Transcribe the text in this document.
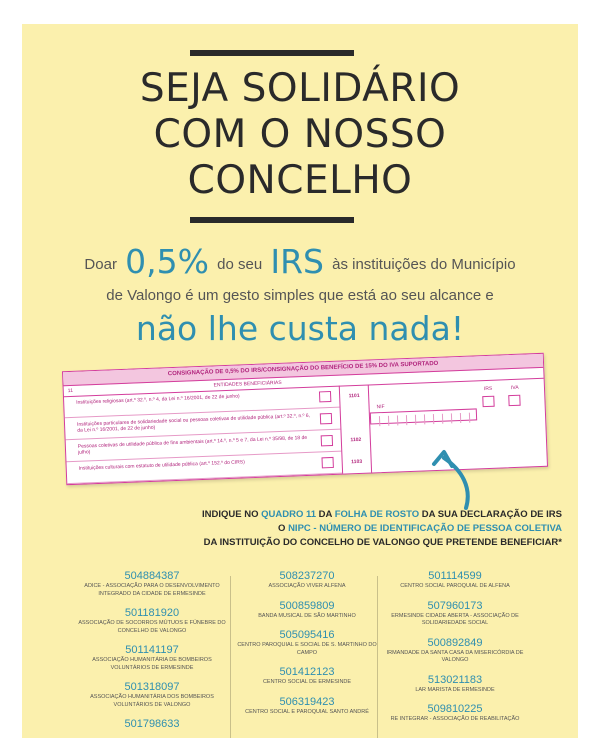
SEJA SOLIDÁRIO
COM O NOSSO
CONCELHO
Doar 0,5% do seu IRS às instituições do Município
de Valongo é um gesto simples que está ao seu alcance e
não lhe custa nada!
CONSIGNAÇÃO DE 0,5% DO IRS/CONSIGNAÇÃO DO BENEFÍCIO DE 15% DO IVA SUPORTADO
11
ENTIDADES BENEFICIÁRIAS
Instituições religiosas (art.º 32.º, n.º 4, da Lei n.º 16/2001, de 22 de junho)
Instituições particulares de solidariedade social ou pessoas coletivas de utilidade pública (art.º 32.º, n.º 6, da Lei n.º 16/2001, de 22 de junho)
Pessoas coletivas de utilidade pública de fins ambientais (art.º 14.º, n.º 5 e 7, da Lei n.º 35/98, de 18 de julho)
Instituições culturais com estatuto de utilidade pública (art.º 152.º do CIRS)
1101
1102
1103
IRS	IVA
NIF
INDIQUE NO QUADRO 11 DA FOLHA DE ROSTO DA SUA DECLARAÇÃO DE IRS
O NIPC - NÚMERO DE IDENTIFICAÇÃO DE PESSOA COLETIVA
DA INSTITUIÇÃO DO CONCELHO DE VALONGO QUE PRETENDE BENEFICIAR*
504884387
ADICE - ASSOCIAÇÃO PARA O DESENVOLVIMENTO INTEGRADO DA CIDADE DE ERMESINDE
501181920
ASSOCIAÇÃO DE SOCORROS MÚTUOS E FÚNEBRE DO CONCELHO DE VALONGO
501141197
ASSOCIAÇÃO HUMANITÁRIA DE BOMBEIROS VOLUNTÁRIOS DE ERMESINDE
501318097
ASSOCIAÇÃO HUMANITÁRIA DOS BOMBEIROS VOLUNTÁRIOS DE VALONGO
501798633
508237270
ASSOCIAÇÃO VIVER ALFENA
500859809
BANDA MUSICAL DE SÃO MARTINHO
505095416
CENTRO PAROQUIAL E SOCIAL DE S. MARTINHO DO CAMPO
501412123
CENTRO SOCIAL DE ERMESINDE
506319423
CENTRO SOCIAL E PAROQUIAL SANTO ANDRÉ
501114599
CENTRO SOCIAL PAROQUIAL DE ALFENA
507960173
ERMESINDE CIDADE ABERTA - ASSOCIAÇÃO DE SOLIDARIEDADE SOCIAL
500892849
IRMANDADE DA SANTA CASA DA MISERICÓRDIA DE VALONGO
513021183
LAR MARISTA DE ERMESINDE
509810225
RE INTEGRAR - ASSOCIAÇÃO DE REABILITAÇÃO
